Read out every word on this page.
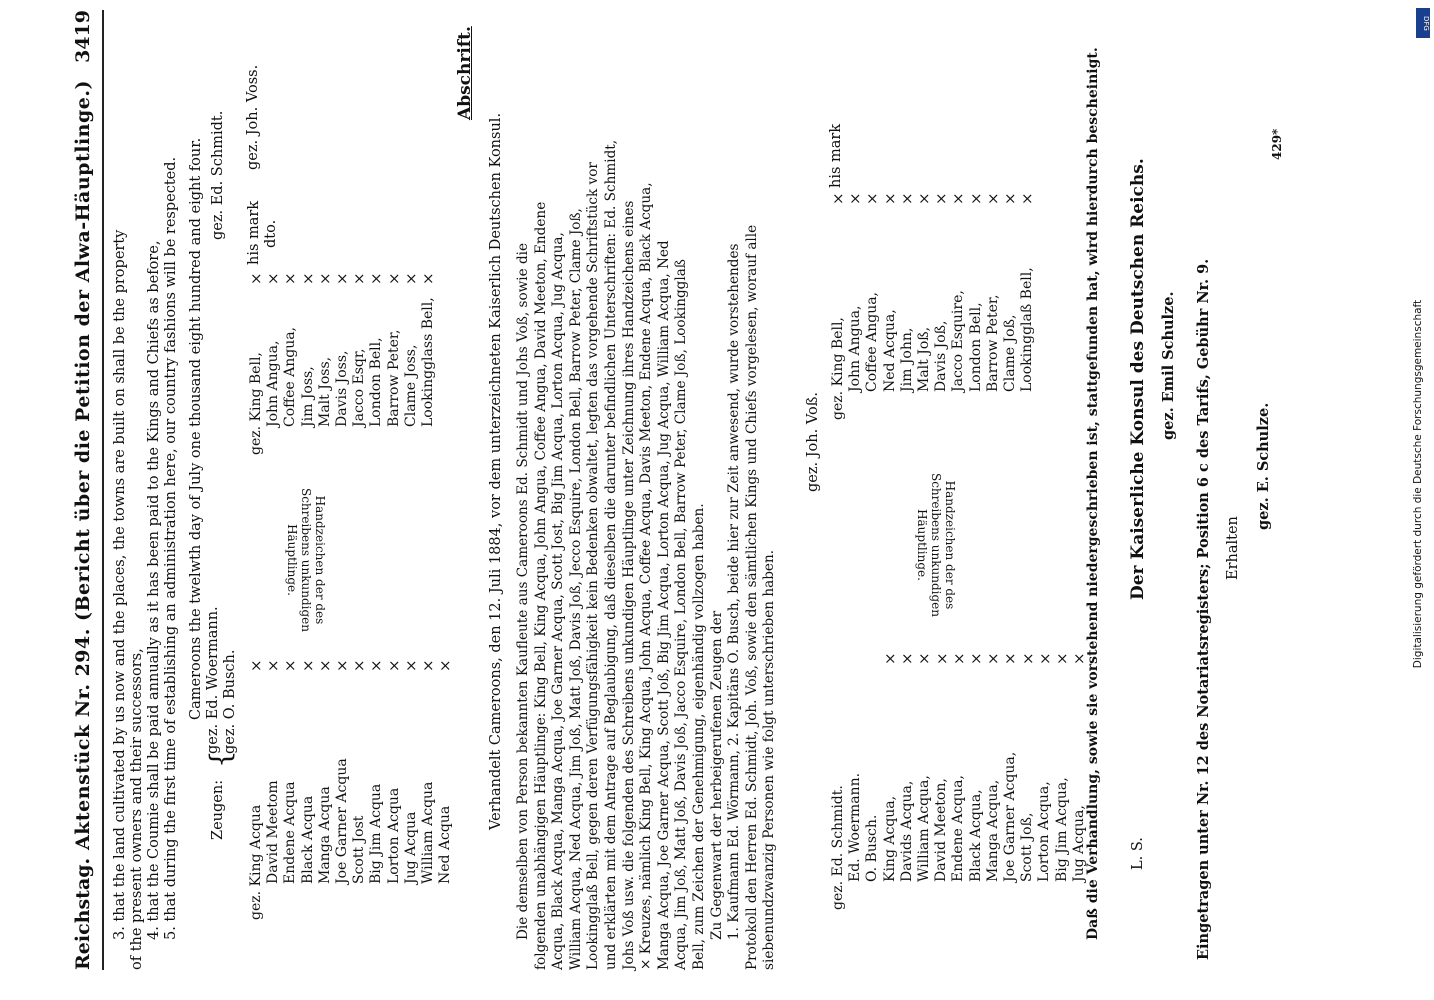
Reichstag.
Aktenstück Nr. 294. (Bericht über die Petition der Alwa-Häuptlinge.)
3419
3. that the land cultivated by us now and the places, the towns are built on shall be the property of the present owners and their successors, 4. that the Coumie shall be paid annually as it has been paid to the Kings and Chiefs as before, 5. that during the first time of establishing an administration here, our country fashions will be respected. Cameroons the twelwth day of July one thousand eight hundred and eight four.
Zeugen:
{
gez. Ed. Woermann. gez. O. Busch.
gez. Ed. Schmidt. gez. Joh. Voss.
gez. King Acqua David Meetom Endene Acqua Black Acqua Manga Acqua Joe Garner Acqua Scott Jost Big Jim Acqua Lorton Acqua Jug Acqua William Acqua Ned Acqua
×
×
×
×
×
×
×
×
×
×
×
×
Handzeichen der des Schreibens unkundigen Häuptlinge.
gez. King Bell, John Angua, Coffee Angua, Jim Joss, Malt Joss, Davis Joss, Jacco Esqr, London Bell, Barrow Peter, Clame Joss, Lookingglass Bell,
×
×
×
×
×
×
×
×
×
×
×
his mark dto.
Abschrift.
Verhandelt Cameroons, den 12. Juli 1884, vor dem unterzeichneten Kaiserlich Deutschen Konsul. Die demselben von Person bekannten Kaufleute aus Cameroons Ed. Schmidt und Johs Voß, sowie die folgenden unabhängigen Häuptlinge: King Bell, King Acqua, John Angua, Coffee Angua, David Meeton, Endene Acqua, Black Acqua, Manga Acqua, Joe Garner Acqua, Scott Jost, Big Jim Acqua, Lorton Acqua, Jug Acqua, William Acqua, Ned Acqua, Jim Joß, Matt Joß, Davis Joß, Jecco Esquire, London Bell, Barrow Peter, Clame Joß, Lookingglaß Bell, gegen deren Verfügungsfähigkeit kein Bedenken obwaltet, legten das vorgehende Schriftstück vor und erklärten mit dem Antrage auf Beglaubigung, daß dieselben die darunter befindlichen Unterschriften: Ed. Schmidt, Johs Voß usw. die folgenden des Schreibens unkundigen Häuptlinge unter Zeichnung ihres Handzeichens eines × Kreuzes, nämlich King Bell, King Acqua, John Acqua, Coffee Acqua, Davis Meeton, Endene Acqua, Black Acqua, Manga Acqua, Joe Garner Acqua, Scott Joß, Big Jim Acqua, Lorton Acqua, Jug Acqua, William Acqua, Ned Acqua, Jim Joß, Matt Joß, Davis Joß, Jacco Esquire, London Bell, Barrow Peter, Clame Joß, Lookingglaß Bell, zum Zeichen der Genehmigung, eigenhändig vollzogen haben. Zu Gegenwart der herbeigerufenen Zeugen der 1. Kaufmann Ed. Wörmann, 2. Kapitäns O. Busch, beide hier zur Zeit anwesend, wurde vorstehendes Protokoll den Herren Ed. Schmidt, Joh. Voß, sowie den sämtlichen Kings und Chiefs vorgelesen, worauf alle siebenundzwanzig Personen wie folgt unterschrieben haben.
gez. Joh. Voß.
gez. Ed. Schmidt. Ed. Woermann. O. Busch. King Acqua, Davids Acqua, William Acqua, David Meeton, Endene Acqua, Black Acqua, Manga Acqua, Joe Garner Acqua, Scott Joß, Lorton Acqua, Big Jim Acqua, Jug Acqua,
×
×
×
×
×
×
×
×
×
×
×
×
Handzeichen der des Schreibens unkundigen Häuptlinge.
gez. King Bell, John Angua, Coffee Angua, Ned Acqua, Jim John, Malt Joß, Davis Joß, Jacco Esquire, London Bell, Barrow Peter, Clame Joß, Lookingglaß Bell,
×
×
×
×
×
×
×
×
×
×
×
×
his mark	Daß die Verhandlung, sowie sie vorstehend niedergeschrieben ist, stattgefunden hat, wird hierdurch bescheinigt. L. S.
Der Kaiserliche Konsul des Deutschen Reichs. gez. Emil Schulze. Eingetragen unter Nr. 12 des Notariatsregisters; Position 6 c des Tarifs, Gebühr Nr. 9. Erhalten
gez. E. Schulze.
429*
Digitalisierung gefördert durch die Deutsche Forschungsgemeinschaft
DFG
